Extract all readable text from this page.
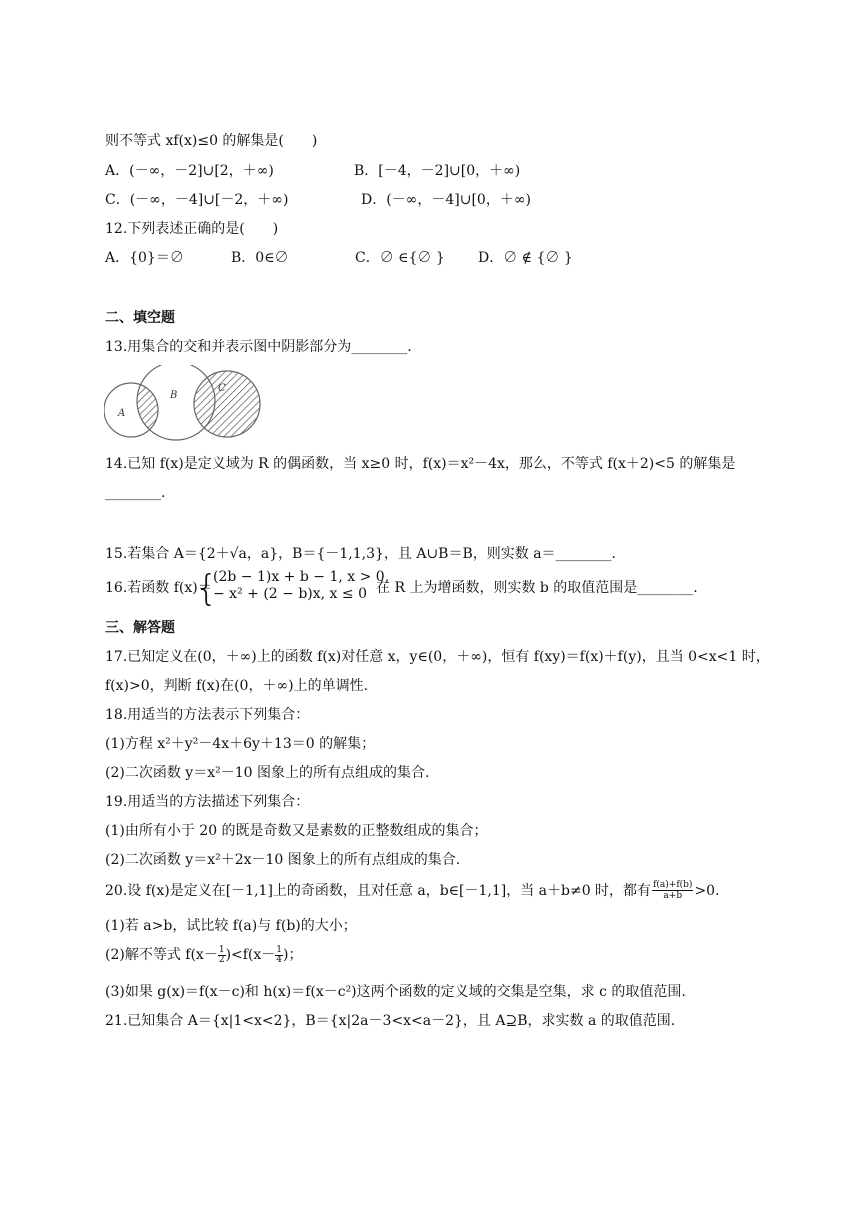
则不等式 xf(x)≤0 的解集是(　　)
A．(－∞，－2]∪[2，＋∞)	B．[－4，－2]∪[0，＋∞)
C．(－∞，－4]∪[－2，＋∞)	D．(－∞，－4]∪[0，＋∞)
12.下列表述正确的是(　　)
A．{0}＝∅	B．0∈∅	C．∅ ∈{∅ } D．∅ ∉ {∅ }
二、填空题
13.用集合的交和并表示图中阴影部分为________.
A
B
C
14.已知 f(x)是定义域为 R 的偶函数，当 x≥0 时，f(x)＝x²－4x，那么，不等式 f(x＋2)<5 的解集是
________.
15.若集合 A＝{2＋√a，a}，B＝{－1,1,3}，且 A∪B＝B，则实数 a＝________.
16.若函数 f(x)＝
{
(2b − 1)x + b − 1, x > 0,
− x² + (2 − b)x, x ≤ 0 在 R 上为增函数，则实数 b 的取值范围是________.
三、解答题
17.已知定义在(0，＋∞)上的函数 f(x)对任意 x，y∈(0，＋∞)，恒有 f(xy)＝f(x)＋f(y)，且当 0<x<1 时，
f(x)>0，判断 f(x)在(0，＋∞)上的单调性.
18.用适当的方法表示下列集合：
(1)方程 x²＋y²－4x＋6y＋13＝0 的解集；
(2)二次函数 y＝x²－10 图象上的所有点组成的集合.
19.用适当的方法描述下列集合：
(1)由所有小于 20 的既是奇数又是素数的正整数组成的集合；
(2)二次函数 y＝x²＋2x－10 图象上的所有点组成的集合.
20.设 f(x)是定义在[－1,1]上的奇函数，且对任意 a，b∈[－1,1]，当 a＋b≠0 时，都有 $\frac{f(a)+f(b)}{a+b} >0$.
(1)若 a>b，试比较 f(a)与 f(b)的大小；
(2)解不等式 $f(x- \frac{1}{2} )<f(x- \frac{1}{4}$ )；
(3)如果 g(x)＝f(x－c)和 h(x)＝f(x－c²)这两个函数的定义域的交集是空集，求 c 的取值范围.
21.已知集合 A＝{x|1<x<2}，B＝{x|2a－3<x<a－2}，且 A⊇B，求实数 a 的取值范围.
